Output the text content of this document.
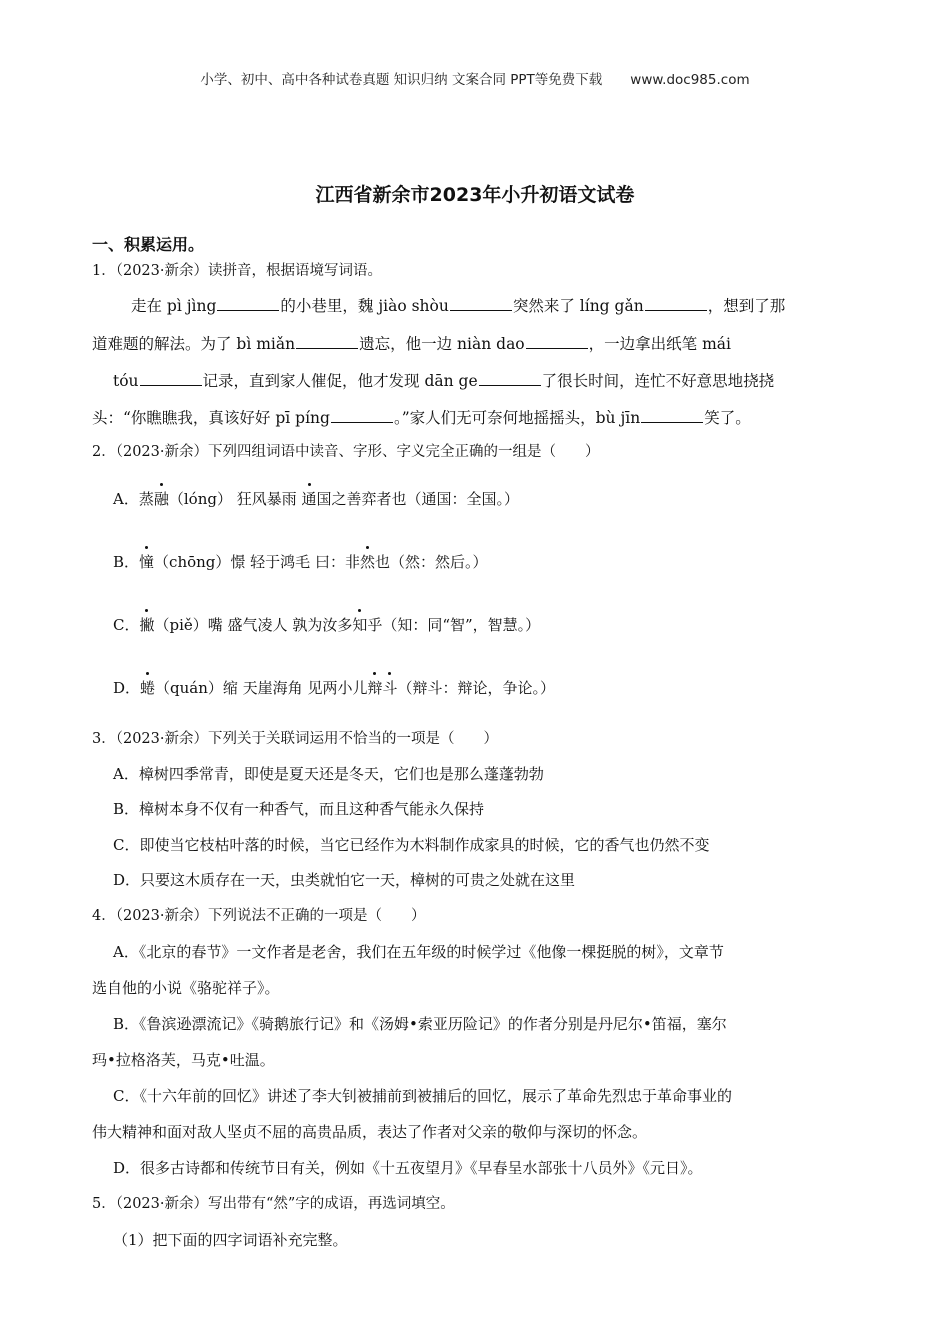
小学、初中、高中各种试卷真题 知识归纳 文案合同 PPT等免费下载 www.doc985.com
江西省新余市2023年小升初语文试卷
一、积累运用。
1．（2023·新余）读拼音，根据语境写词语。
走在 pì jìng	的小巷里，魏 jiào shòu	突然来了 líng gǎn	，想到了那
道难题的解法。为了 bì miǎn	遗忘，他一边 niàn dao	，一边拿出纸笔 mái
tóu	记录，直到家人催促，他才发现 dān ge	了很长时间，连忙不好意思地挠挠
头：“你瞧瞧我，真该好好 pī píng	。”家人们无可奈何地摇摇头，bù jīn	笑了。
2．（2023·新余）下列四组词语中读音、字形、字义完全正确的一组是（　　）
A．蒸融（lóng） 狂风暴雨 通国之善弈者也（通国：全国。）
B．憧（chōng）憬 轻于鸿毛 曰：非然也（然：然后。）
C．撇（piě）嘴 盛气凌人 孰为汝多知乎（知：同“智”，智慧。）
D．蜷（quán）缩 天崖海角 见两小儿辩斗（辩斗：辩论，争论。）
3．（2023·新余）下列关于关联词运用不恰当的一项是（　　）
A．樟树四季常青，即使是夏天还是冬天，它们也是那么蓬蓬勃勃
B．樟树本身不仅有一种香气，而且这种香气能永久保持
C．即使当它枝枯叶落的时候，当它已经作为木料制作成家具的时候，它的香气也仍然不变
D．只要这木质存在一天，虫类就怕它一天，樟树的可贵之处就在这里
4．（2023·新余）下列说法不正确的一项是（　　）
A．《北京的春节》一文作者是老舍，我们在五年级的时候学过《他像一棵挺脱的树》，文章节
选自他的小说《骆驼祥子》。
B．《鲁滨逊漂流记》《骑鹅旅行记》和《汤姆•索亚历险记》的作者分别是丹尼尔•笛福，塞尔
玛•拉格洛芙，马克•吐温。
C．《十六年前的回忆》讲述了李大钊被捕前到被捕后的回忆，展示了革命先烈忠于革命事业的
伟大精神和面对敌人坚贞不屈的高贵品质，表达了作者对父亲的敬仰与深切的怀念。
D．很多古诗都和传统节日有关，例如《十五夜望月》《早春呈水部张十八员外》《元日》。
5．（2023·新余）写出带有“然”字的成语，再选词填空。
（1）把下面的四字词语补充完整。
